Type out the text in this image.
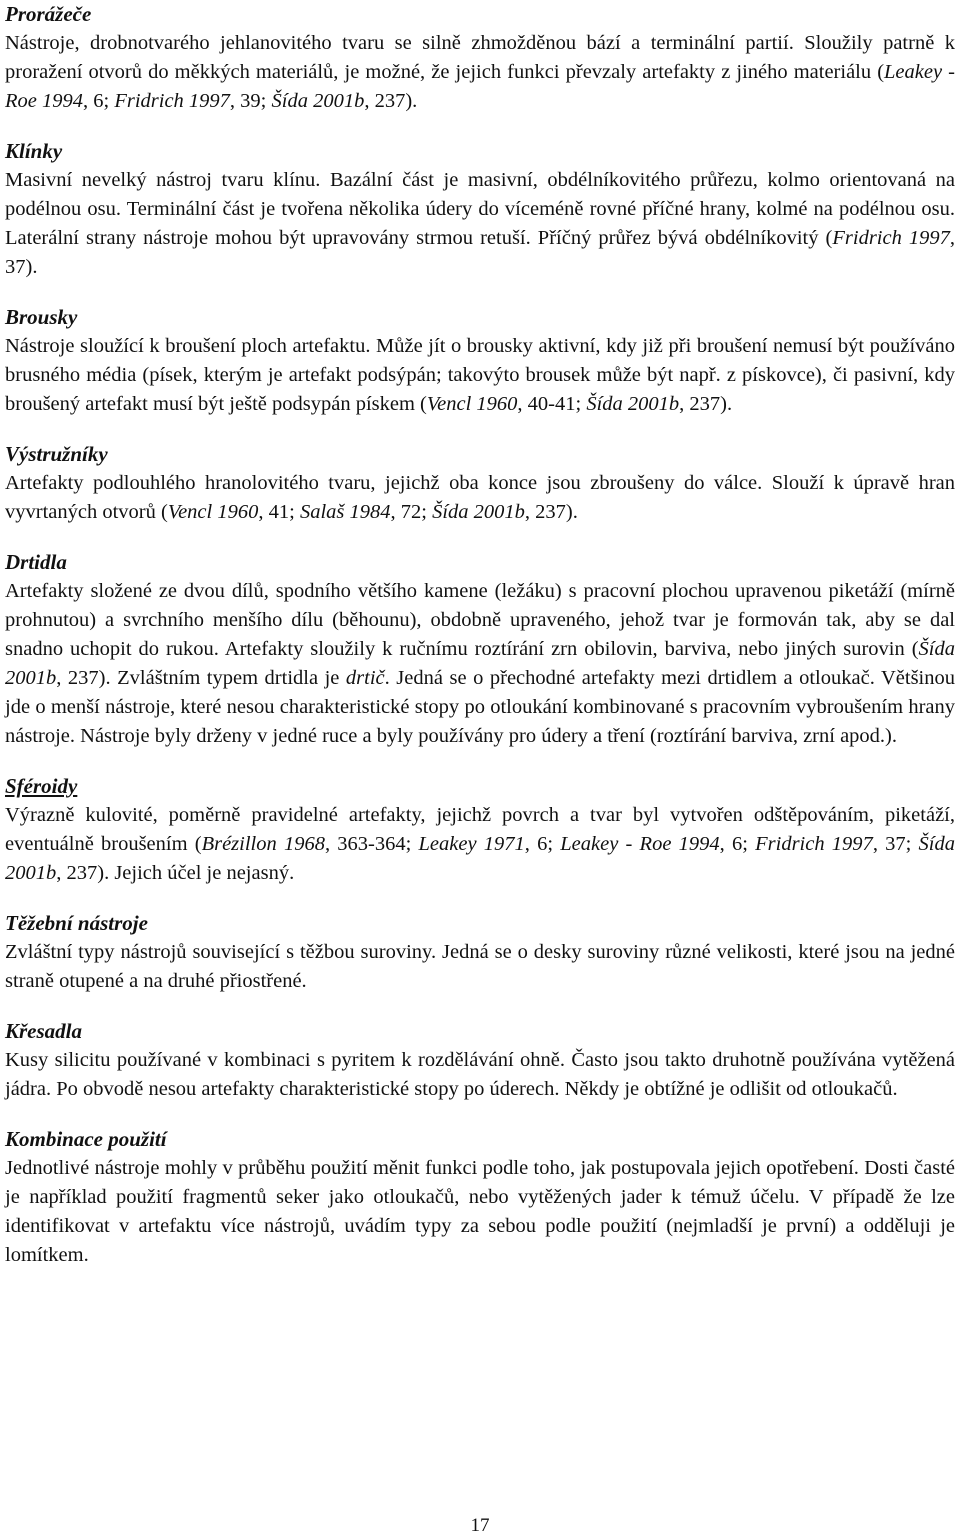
Prorážeče

Nástroje, drobnotvarého jehlanovitého tvaru se silně zhmožděnou bází a terminální partií. Sloužily patrně k proražení otvorů do měkkých materiálů, je možné, že jejich funkci převzaly artefakty z jiného materiálu (Leakey - Roe 1994, 6; Fridrich 1997, 39; Šída 2001b, 237).

Klínky

Masivní nevelký nástroj tvaru klínu. Bazální část je masivní, obdélníkovitého průřezu, kolmo orientovaná na podélnou osu. Terminální část je tvořena několika údery do víceméně rovné příčné hrany, kolmé na podélnou osu. Laterální strany nástroje mohou být upravovány strmou retuší. Příčný průřez bývá obdélníkovitý (Fridrich 1997, 37).

Brousky

Nástroje sloužící k broušení ploch artefaktu. Může jít o brousky aktivní, kdy již při broušení nemusí být používáno brusného média (písek, kterým je artefakt podsýpán; takovýto brousek může být např. z pískovce), či pasivní, kdy broušený artefakt musí být ještě podsypán pískem (Vencl 1960, 40-41; Šída 2001b, 237).

Výstružníky

Artefakty podlouhlého hranolovitého tvaru, jejichž oba konce jsou zbroušeny do válce. Slouží k úpravě hran vyvrtaných otvorů (Vencl 1960, 41; Salaš 1984, 72; Šída 2001b, 237).

Drtidla

Artefakty složené ze dvou dílů, spodního většího kamene (ležáku) s pracovní plochou upravenou piketáží (mírně prohnutou) a svrchního menšího dílu (běhounu), obdobně upraveného, jehož tvar je formován tak, aby se dal snadno uchopit do rukou. Artefakty sloužily k ručnímu roztírání zrn obilovin, barviva, nebo jiných surovin (Šída 2001b, 237). Zvláštním typem drtidla je drtič. Jedná se o přechodné artefakty mezi drtidlem a otloukač. Většinou jde o menší nástroje, které nesou charakteristické stopy po otloukání kombinované s pracovním vybroušením hrany nástroje. Nástroje byly drženy v jedné ruce a byly používány pro údery a tření (roztírání barviva, zrní apod.).

Sféroidy

Výrazně kulovité, poměrně pravidelné artefakty, jejichž povrch a tvar byl vytvořen odštěpováním, piketáží, eventuálně broušením (Brézillon 1968, 363-364; Leakey 1971, 6; Leakey - Roe 1994, 6; Fridrich 1997, 37; Šída 2001b, 237). Jejich účel je nejasný.

Těžební nástroje

Zvláštní typy nástrojů související s těžbou suroviny. Jedná se o desky suroviny různé velikosti, které jsou na jedné straně otupené a na druhé přiostřené.

Křesadla

Kusy silicitu používané v kombinaci s pyritem k rozdělávání ohně. Často jsou takto druhotně používána vytěžená jádra. Po obvodě nesou artefakty charakteristické stopy po úderech. Někdy je obtížné je odlišit od otloukačů.

Kombinace použití

Jednotlivé nástroje mohly v průběhu použití měnit funkci podle toho, jak postupovala jejich opotřebení. Dosti časté je například použití fragmentů seker jako otloukačů, nebo vytěžených jader k témuž účelu. V případě že lze identifikovat v artefaktu více nástrojů, uvádím typy za sebou podle použití (nejmladší je první) a odděluji je lomítkem.

17
